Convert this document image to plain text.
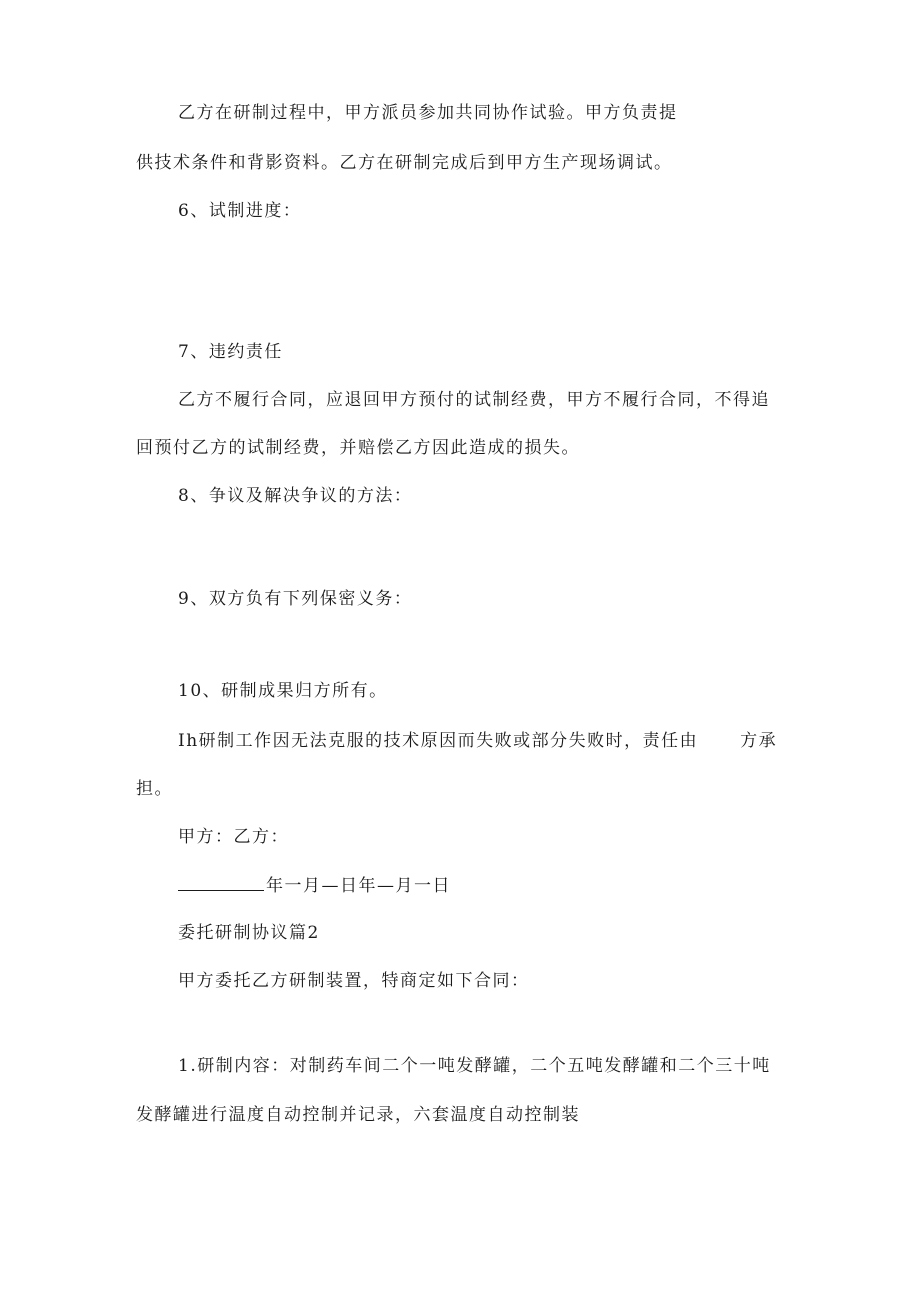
乙方在研制过程中，甲方派员参加共同协作试验。甲方负责提
供技术条件和背影资料。乙方在研制完成后到甲方生产现场调试。
6、试制进度：
7、违约责任
乙方不履行合同，应退回甲方预付的试制经费，甲方不履行合同，不得追
回预付乙方的试制经费，并赔偿乙方因此造成的损失。
8、争议及解决争议的方法：
9、双方负有下列保密义务：
10、研制成果归方所有。
Ih研制工作因无法克服的技术原因而失败或部分失败时，责任由 方承
担。
甲方：乙方：
年一月—日年—月一日
委托研制协议篇2
甲方委托乙方研制装置，特商定如下合同：
1.研制内容：对制药车间二个一吨发酵罐，二个五吨发酵罐和二个三十吨
发酵罐进行温度自动控制并记录，六套温度自动控制装
